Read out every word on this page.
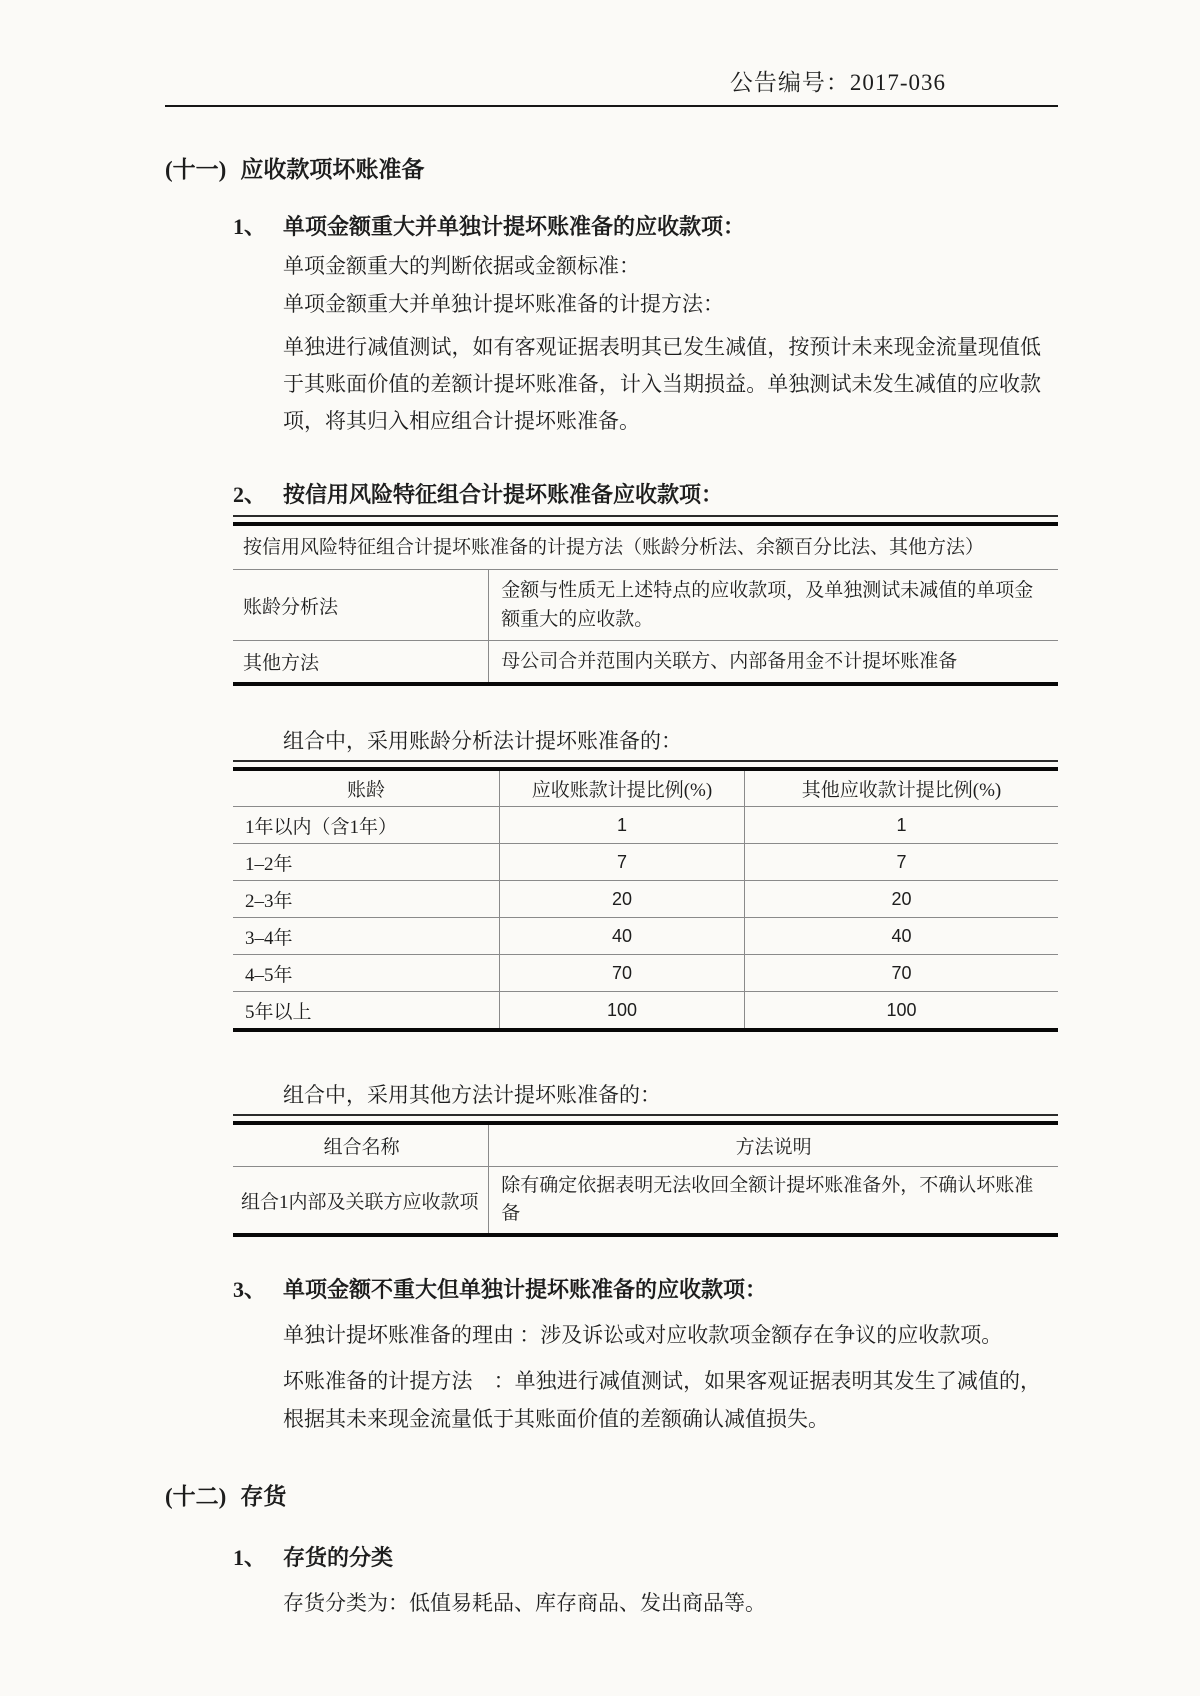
公告编号：2017-036
(十一) 应收款项坏账准备
1、 单项金额重大并单独计提坏账准备的应收款项：

单项金额重大的判断依据或金额标准：

单项金额重大并单独计提坏账准备的计提方法：

单独进行减值测试，如有客观证据表明其已发生减值，按预计未来现金流量现值低于其账面价值的差额计提坏账准备，计入当期损益。单独测试未发生减值的应收款项，将其归入相应组合计提坏账准备。

2、 按信用风险特征组合计提坏账准备应收款项：
按信用风险特征组合计提坏账准备的计提方法（账龄分析法、余额百分比法、其他方法）	
账龄分析法	金额与性质无上述特点的应收款项，及单独测试未减值的单项金额重大的应收款。
其他方法	母公司合并范围内关联方、内部备用金不计提坏账准备
组合中，采用账龄分析法计提坏账准备的：
账龄	应收账款计提比例(%)	其他应收款计提比例(%)
1年以内（含1年）	1	1
1–2年	7	7
2–3年	20	20
3–4年	40	40
4–5年	70	70
5年以上	100	100
组合中，采用其他方法计提坏账准备的：
组合名称	方法说明
组合1内部及关联方应收款项	除有确定依据表明无法收回全额计提坏账准备外，不确认坏账准备
3、 单项金额不重大但单独计提坏账准备的应收款项：

单独计提坏账准备的理由 ：涉及诉讼或对应收款项金额存在争议的应收款项。

坏账准备的计提方法　：单独进行减值测试，如果客观证据表明其发生了减值的，根据其未来现金流量低于其账面价值的差额确认减值损失。

(十二) 存货
1、 存货的分类

存货分类为：低值易耗品、库存商品、发出商品等。
